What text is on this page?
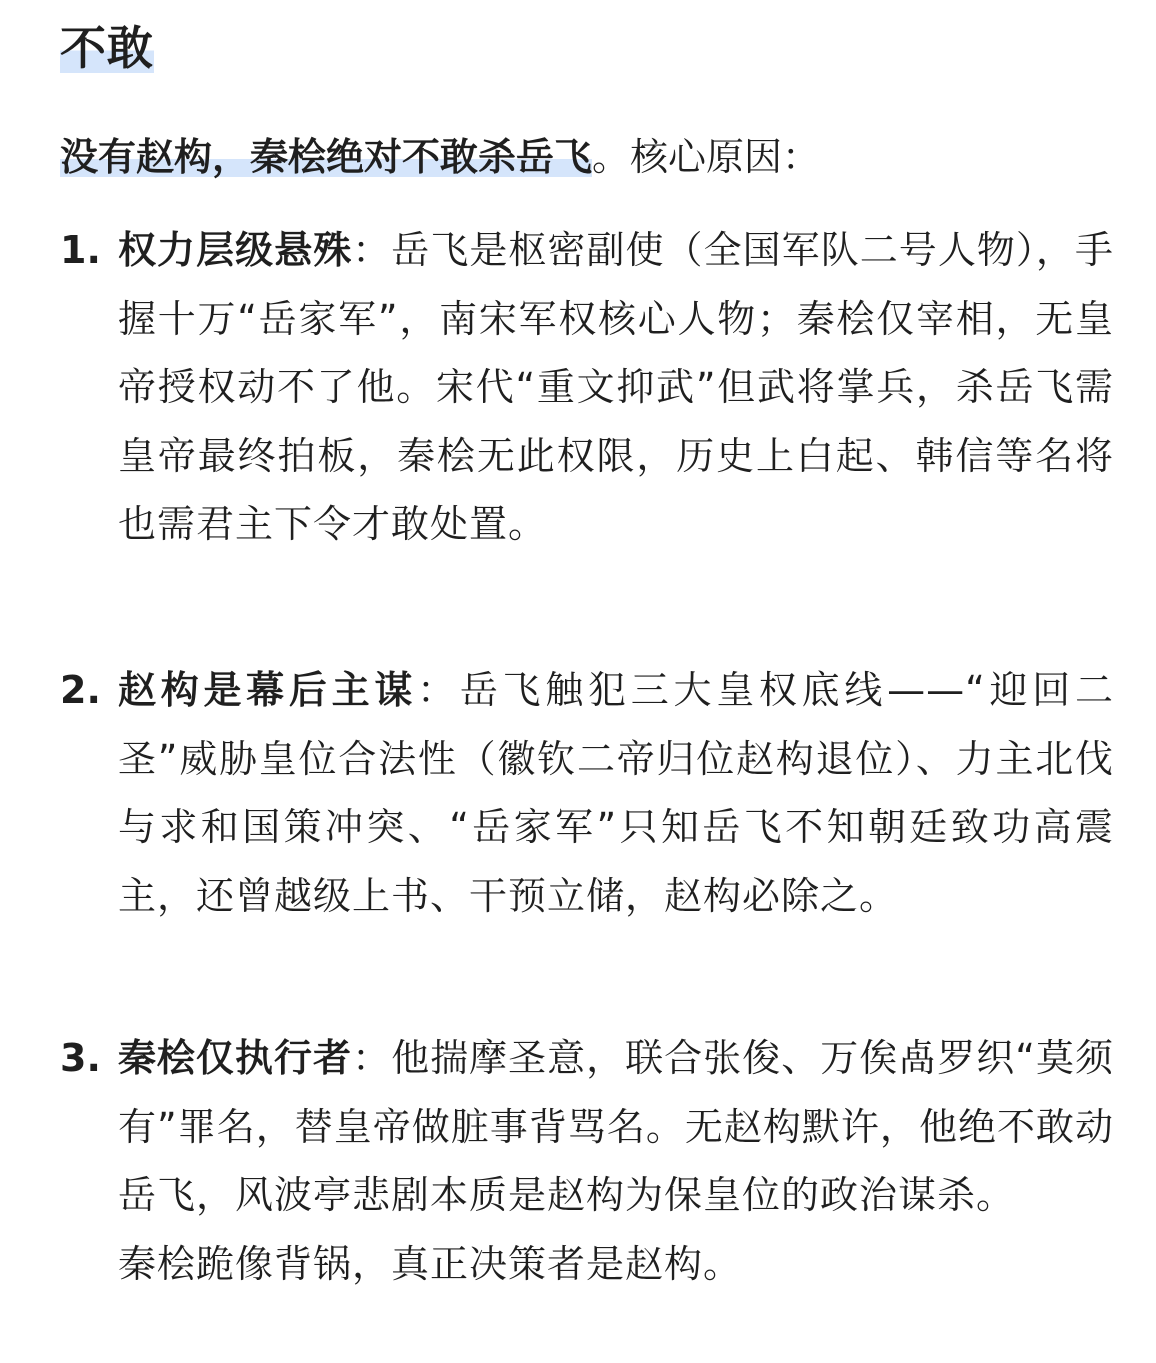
不敢
没有赵构，秦桧绝对不敢杀岳飞。核心原因：
1. 权力层级悬殊：岳飞是枢密副使（全国军队二号人物），手握十万“岳家军”，南宋军权核心人物；秦桧仅宰相，无皇帝授权动不了他。宋代“重文抑武”但武将掌兵，杀岳飞需皇帝最终拍板，秦桧无此权限，历史上白起、韩信等名将也需君主下令才敢处置。
2. 赵构是幕后主谋：岳飞触犯三大皇权底线——“迎回二圣”威胁皇位合法性（徽钦二帝归位赵构退位）、力主北伐与求和国策冲突、“岳家军”只知岳飞不知朝廷致功高震主，还曾越级上书、干预立储，赵构必除之。
3. 秦桧仅执行者：他揣摩圣意，联合张俊、万俟卨罗织“莫须有”罪名，替皇帝做脏事背骂名。无赵构默许，他绝不敢动岳飞，风波亭悲剧本质是赵构为保皇位的政治谋杀。
秦桧跪像背锅，真正决策者是赵构。
